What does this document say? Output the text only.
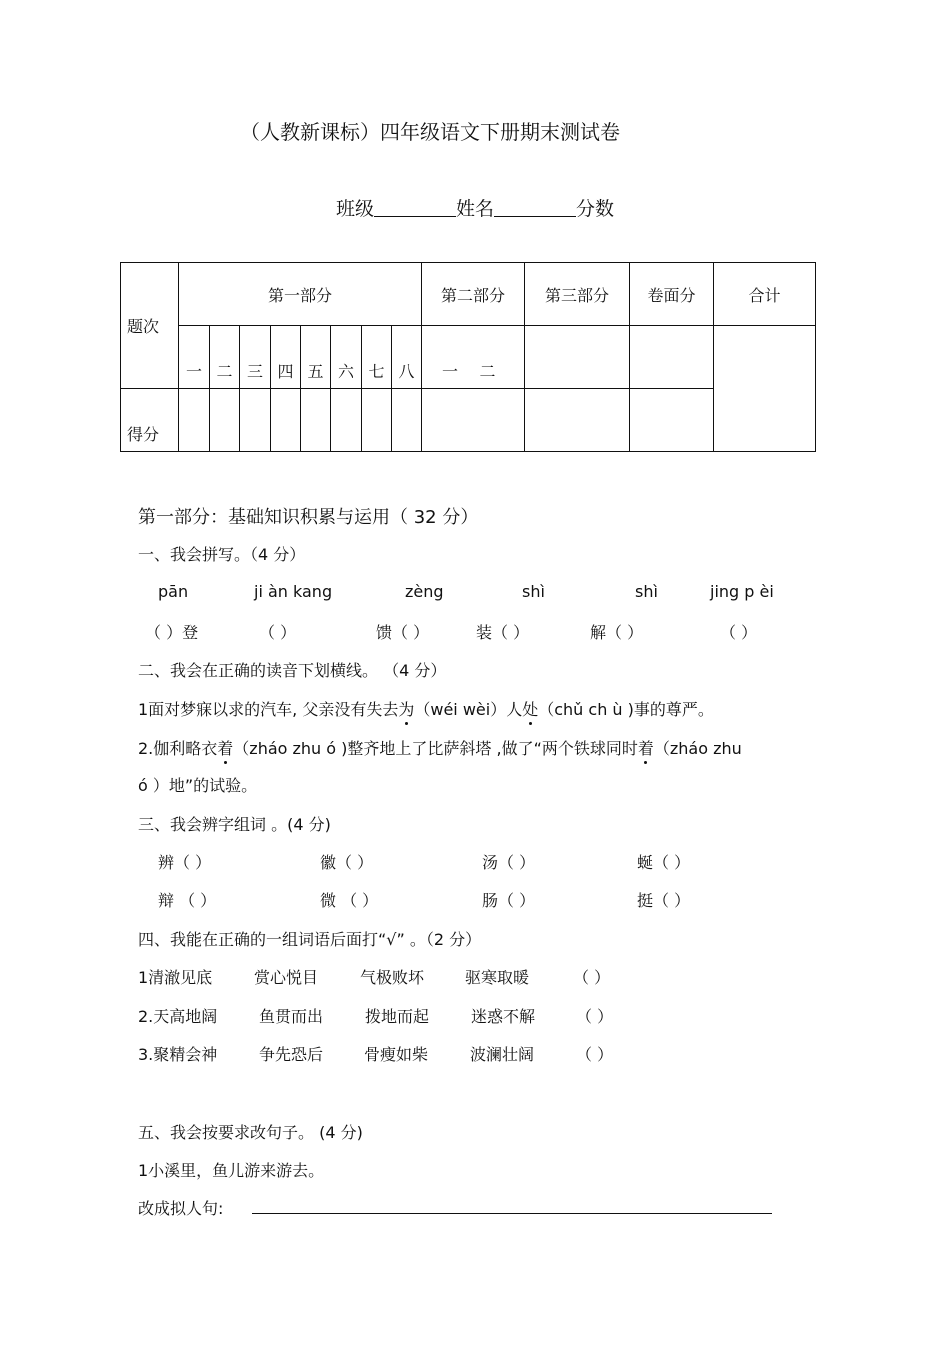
（人教新课标）四年级语文下册期末测试卷
班级	姓名	分数
题次	第一部分								第二部分		第三部分	卷面分	合计
	一	二	三	四	五	六	七	八	一	二			
得分													
第一部分：基础知识积累与运用（ 32 分）
一、我会拼写。（4 分）
pān	ji àn kang	zèng	shì	shì	jing p èi
（ ）登	（ ）	馈（ ）	装（ ）	解（ ）	（ ）
二、我会在正确的读音下划横线。 （4 分）
1面对梦寐以求的汽车, 父亲没有失去为（wéi wèi）人处（chǔ ch ù )事的尊严。
2.伽利略衣着（zháo zhu ó )整齐地上了比萨斜塔 ,做了“两个铁球同时着（zháo zhu
ó ）地”的试验。
三、我会辨字组词 。(4 分)
辨（ ）	徽（ ）	汤（ ）	蜒（ ）
辩 （ ）	微 （ ）	肠（ ）	挺（ ）
四、我能在正确的一组词语后面打“√” 。（2 分）
1清澈见底	赏心悦目	气极败坏	驱寒取暖	（ ）
2.天高地阔	鱼贯而出	拨地而起	迷惑不解	（ ）
3.聚精会神	争先恐后	骨瘦如柴	波澜壮阔	（ ）
五、我会按要求改句子。 (4 分)
1小溪里，鱼儿游来游去。
改成拟人句:
